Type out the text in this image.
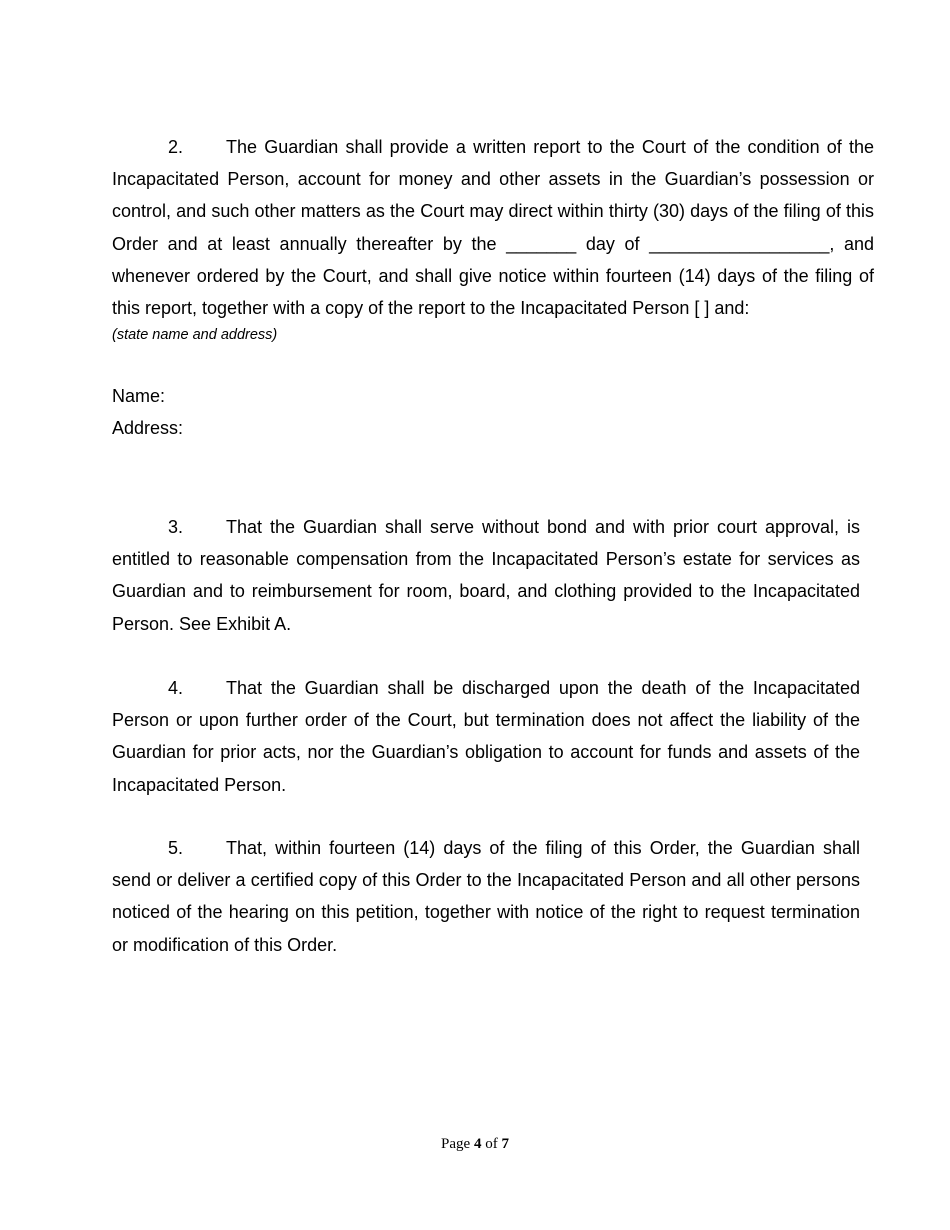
2. The Guardian shall provide a written report to the Court of the condition of the Incapacitated Person, account for money and other assets in the Guardian’s possession or control, and such other matters as the Court may direct within thirty (30) days of the filing of this Order and at least annually thereafter by the _______ day of __________________, and whenever ordered by the Court, and shall give notice within fourteen (14) days of the filing of this report, together with a copy of the report to the Incapacitated Person [ ] and:

(state name and address)

Name:

Address:

3. That the Guardian shall serve without bond and with prior court approval, is entitled to reasonable compensation from the Incapacitated Person’s estate for services as Guardian and to reimbursement for room, board, and clothing provided to the Incapacitated Person. See Exhibit A.

4. That the Guardian shall be discharged upon the death of the Incapacitated Person or upon further order of the Court, but termination does not affect the liability of the Guardian for prior acts, nor the Guardian’s obligation to account for funds and assets of the Incapacitated Person.

5. That, within fourteen (14) days of the filing of this Order, the Guardian shall send or deliver a certified copy of this Order to the Incapacitated Person and all other persons noticed of the hearing on this petition, together with notice of the right to request termination or modification of this Order.

Page 4 of 7
